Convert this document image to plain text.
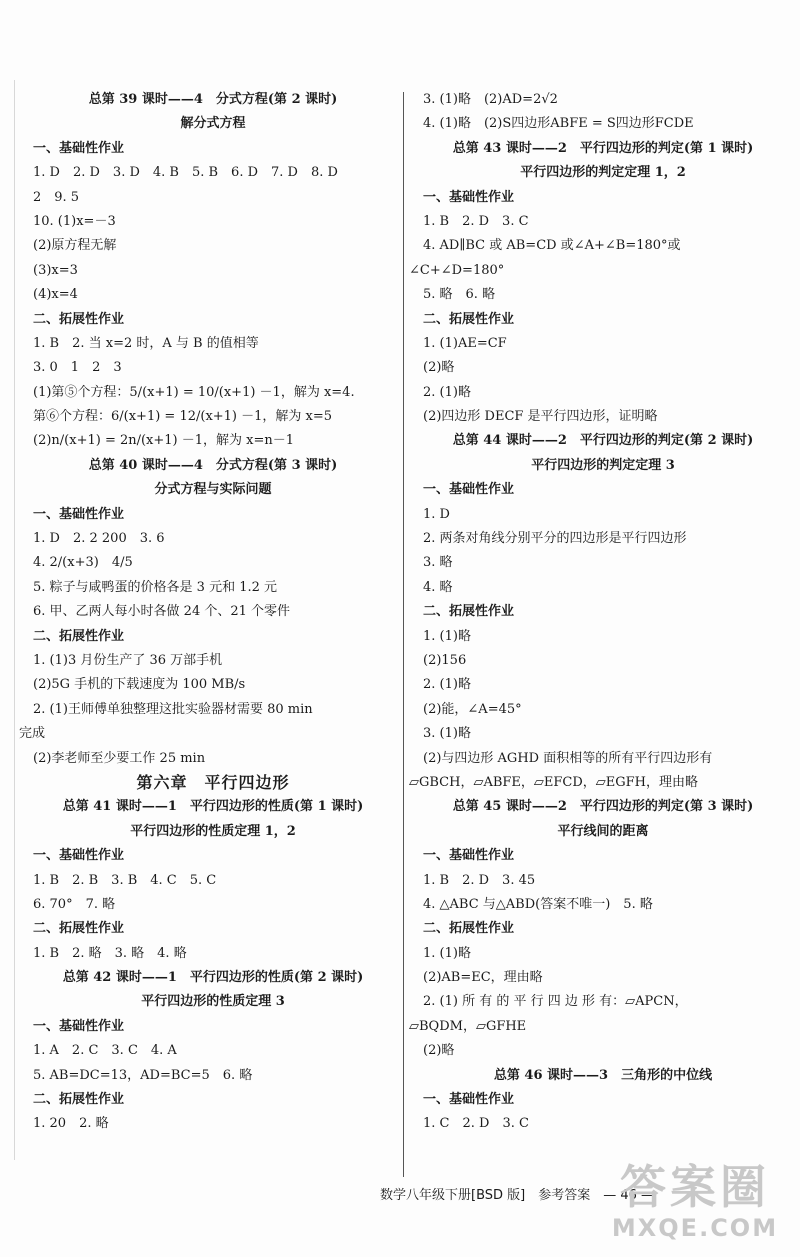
总第 39 课时——4　分式方程(第 2 课时)
解分式方程
一、基础性作业
1. D　2. D　3. D　4. B　5. B　6. D　7. D　8. D
2　9. 5
10. (1)x=－3
(2)原方程无解
(3)x=3
(4)x=4
二、拓展性作业
1. B　2. 当 x=2 时，A 与 B 的值相等
3. 0　1　2　3
(1)第⑤个方程：5/(x+1) = 10/(x+1) －1，解为 x=4.
第⑥个方程：6/(x+1) = 12/(x+1) －1，解为 x=5
(2)n/(x+1) = 2n/(x+1) －1，解为 x=n－1
总第 40 课时——4　分式方程(第 3 课时)
分式方程与实际问题
一、基础性作业
1. D　2. 2 200　3. 6
4. 2/(x+3)　4/5
5. 粽子与咸鸭蛋的价格各是 3 元和 1.2 元
6. 甲、乙两人每小时各做 24 个、21 个零件
二、拓展性作业
1. (1)3 月份生产了 36 万部手机
(2)5G 手机的下载速度为 100 MB/s
2. (1)王师傅单独整理这批实验器材需要 80 min
完成
(2)李老师至少要工作 25 min
第六章　平行四边形
总第 41 课时——1　平行四边形的性质(第 1 课时)
平行四边形的性质定理 1，2
一、基础性作业
1. B　2. B　3. B　4. C　5. C
6. 70°　7. 略
二、拓展性作业
1. B　2. 略　3. 略　4. 略
总第 42 课时——1　平行四边形的性质(第 2 课时)
平行四边形的性质定理 3
一、基础性作业
1. A　2. C　3. C　4. A
5. AB=DC=13，AD=BC=5　6. 略
二、拓展性作业
1. 20　2. 略
3. (1)略　(2)AD=2√2
4. (1)略　(2)S四边形ABFE = S四边形FCDE
总第 43 课时——2　平行四边形的判定(第 1 课时)
平行四边形的判定定理 1，2
一、基础性作业
1. B　2. D　3. C
4. AD∥BC 或 AB=CD 或∠A+∠B=180°或
∠C+∠D=180°
5. 略　6. 略
二、拓展性作业
1. (1)AE=CF
(2)略
2. (1)略
(2)四边形 DECF 是平行四边形，证明略
总第 44 课时——2　平行四边形的判定(第 2 课时)
平行四边形的判定定理 3
一、基础性作业
1. D
2. 两条对角线分别平分的四边形是平行四边形
3. 略
4. 略
二、拓展性作业
1. (1)略
(2)156
2. (1)略
(2)能，∠A=45°
3. (1)略
(2)与四边形 AGHD 面积相等的所有平行四边形有
▱GBCH，▱ABFE，▱EFCD，▱EGFH，理由略
总第 45 课时——2　平行四边形的判定(第 3 课时)
平行线间的距离
一、基础性作业
1. B　2. D　3. 45
4. △ABC 与△ABD(答案不唯一)　5. 略
二、拓展性作业
1. (1)略
(2)AB=EC，理由略
2. (1) 所 有 的 平 行 四 边 形 有：▱APCN，
▱BQDM，▱GFHE
(2)略
总第 46 课时——3　三角形的中位线
一、基础性作业
1. C　2. D　3. C
数学八年级下册[BSD 版]　参考答案　— 46 —
答案圈
MXQE.COM
